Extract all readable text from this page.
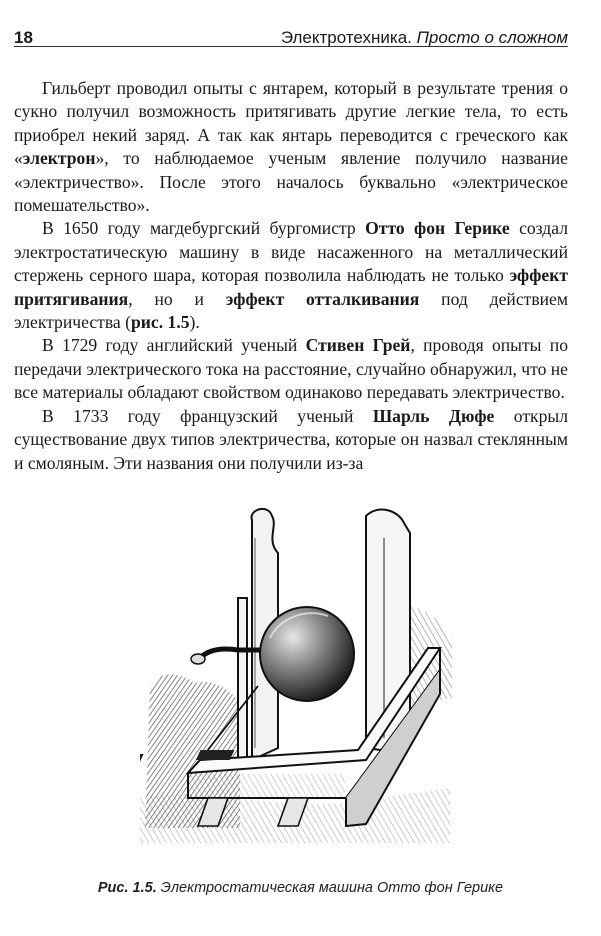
18	Электротехника. Просто о сложном

Гильберт проводил опыты с янтарем, который в результате трения о сукно получил возможность притягивать другие легкие тела, то есть приобрел некий заряд. А так как янтарь переводится с греческого как «электрон», то наблюдаемое ученым явление получило название «электричество». После этого началось буквально «электрическое помешательство».

В 1650 году магдебургский бургомистр Отто фон Герике создал электростатическую машину в виде насаженного на металлический стержень серного шара, которая позволила наблюдать не только эффект притягивания, но и эффект отталкивания под действием электричества (рис. 1.5).

В 1729 году английский ученый Стивен Грей, проводя опыты по передачи электрического тока на расстояние, случайно обнаружил, что не все материалы обладают свойством одинаково передавать электричество.

В 1733 году французский ученый Шарль Дюфе открыл существование двух типов электричества, которые он назвал стеклянным и смоляным. Эти названия они получили из-за

Рис. 1.5. Электростатическая машина Отто фон Герике
